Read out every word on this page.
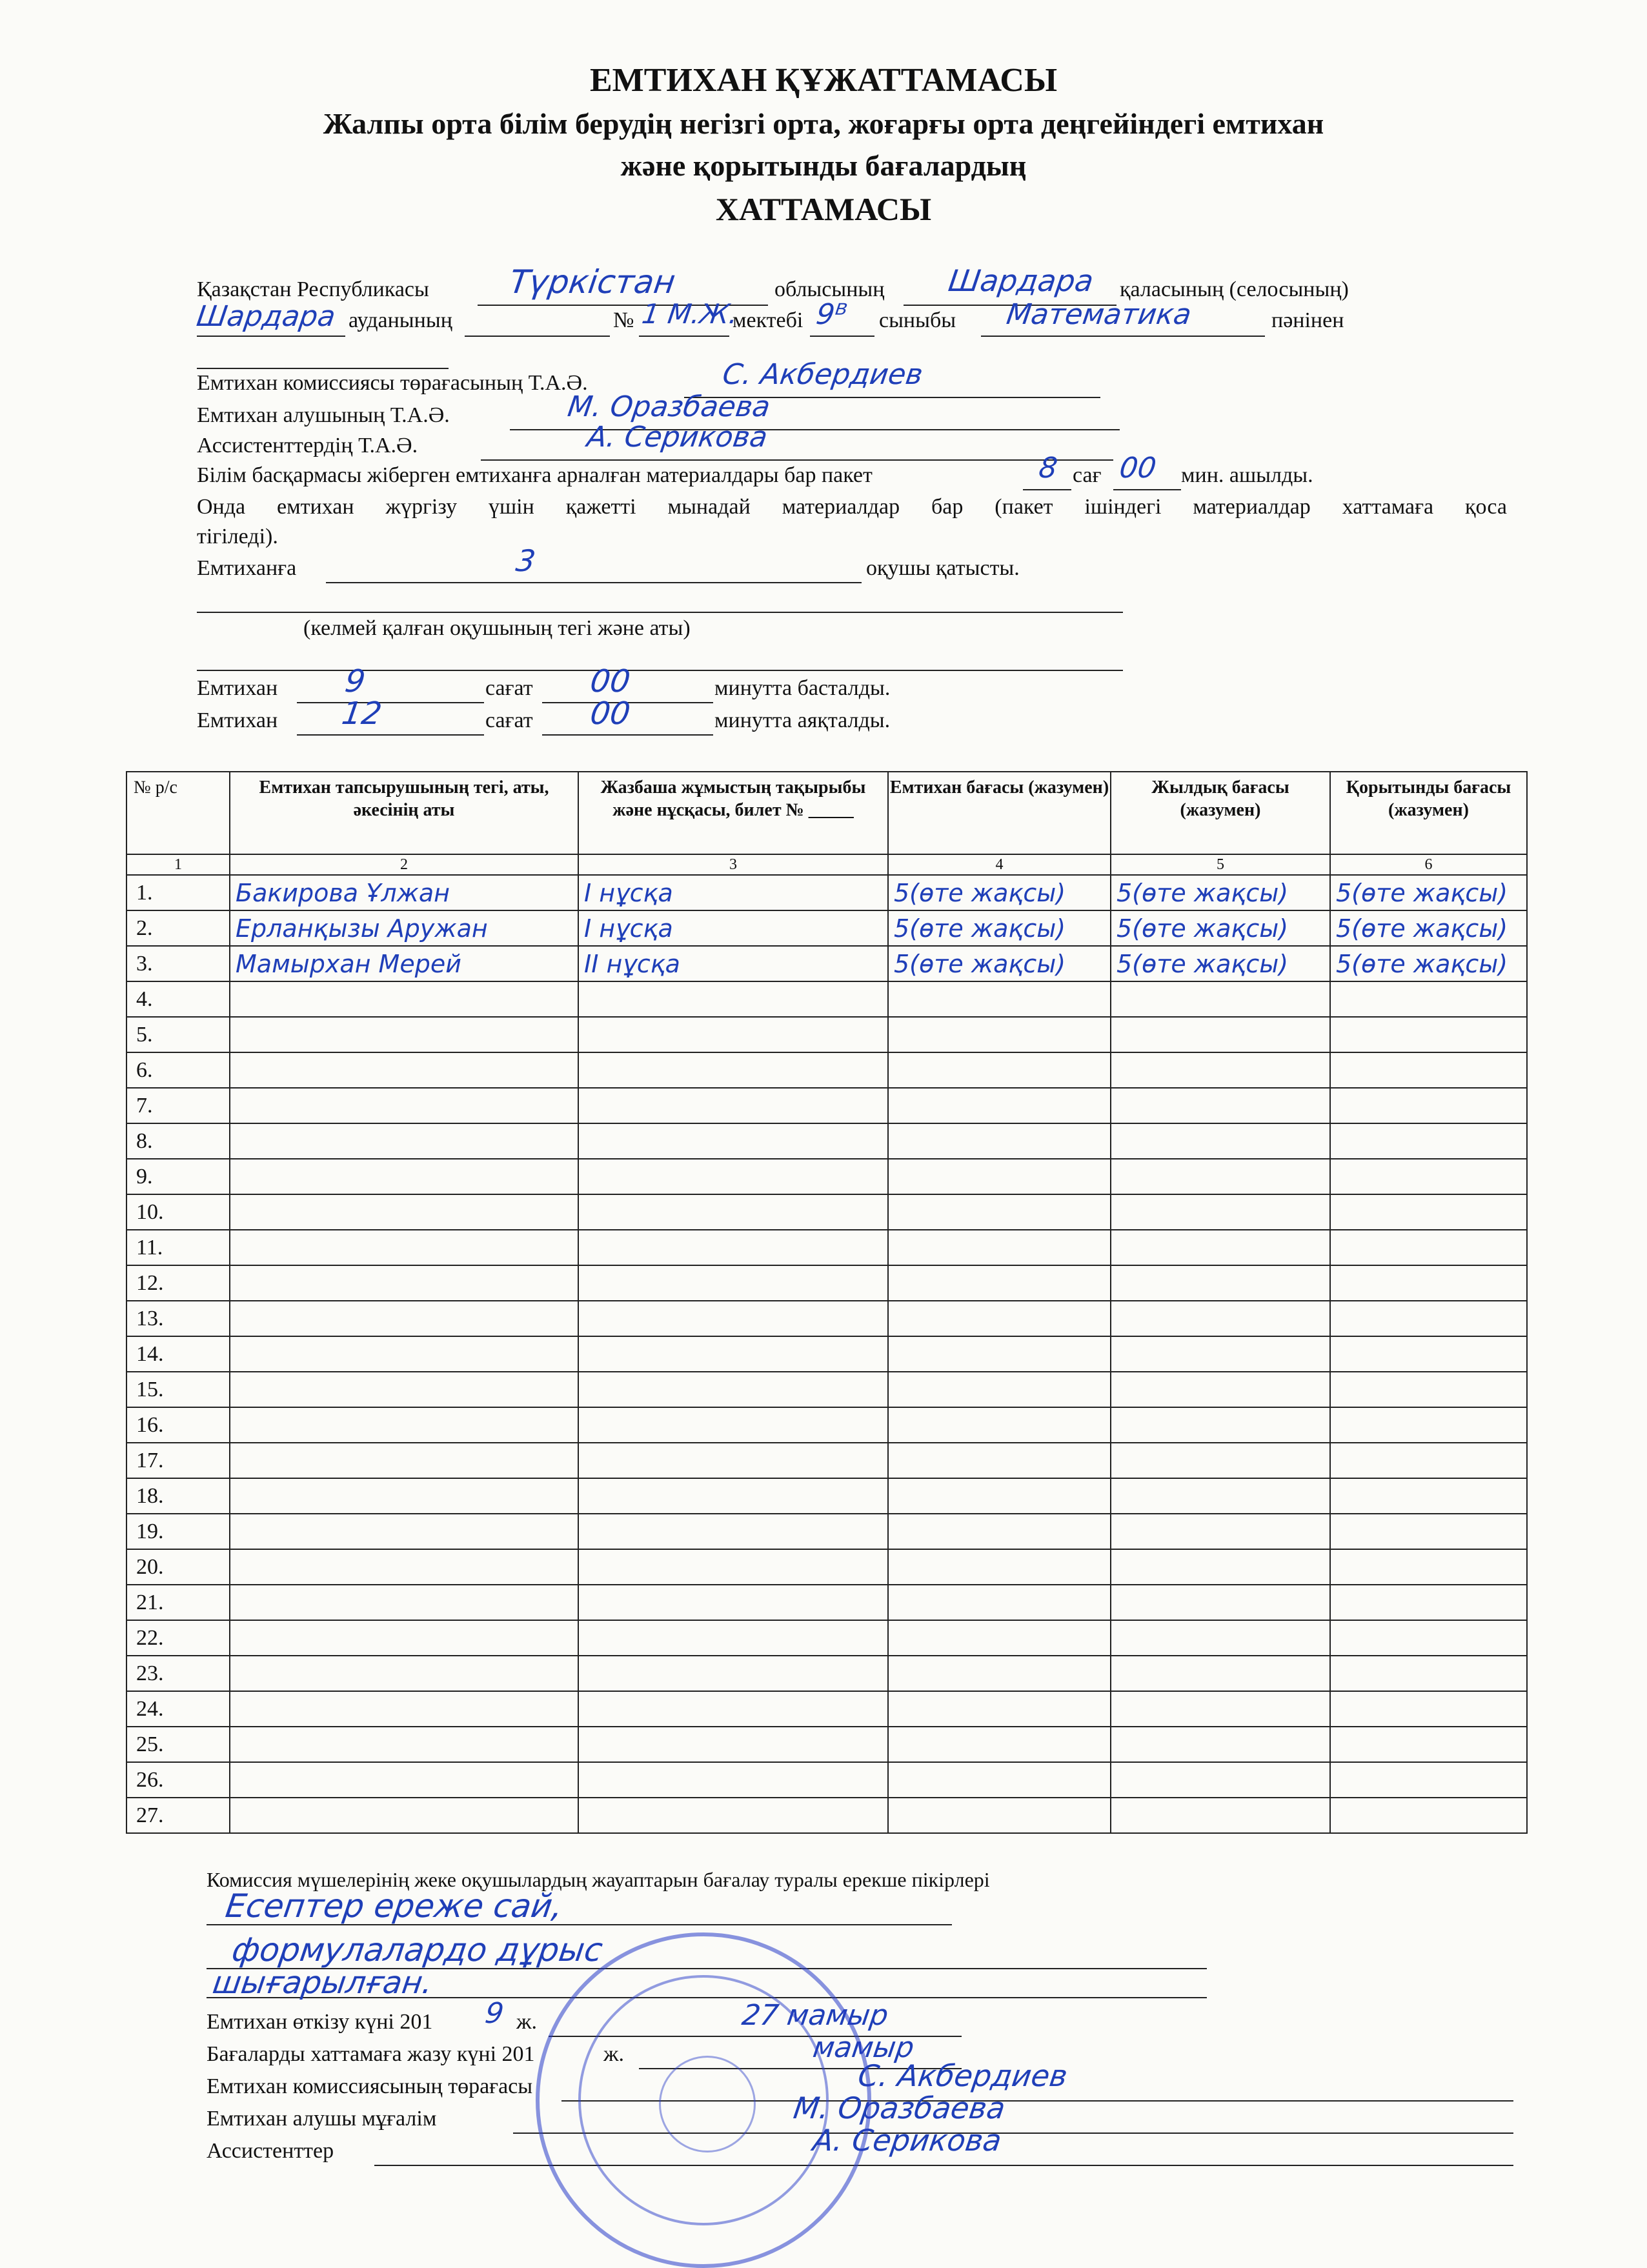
ЕМТИХАН ҚҰЖАТТАМАСЫ
Жалпы орта білім берудің негізгі орта, жоғарғы орта деңгейіндегі емтихан
және қорытынды бағалардың
ХАТТАМАСЫ
Қазақстан Республикасы Түркістан	облысының Шардара қаласының (селосының)
Шардара ауданының	№ 1 М.Ж.
мектебі 9ᴮ сыныбы Математика	пәнінен
Емтихан комиссиясы төрағасының Т.А.Ә.	С. Акбердиев
Емтихан алушының Т.А.Ә.	М. Оразбаева
Ассистенттердің Т.А.Ә.	А. Серикова
Білім басқармасы жіберген емтиханға арналған материалдары бар пакет	8 сағ 00 мин. ашылды.
Онда емтихан жүргізу үшін қажетті мынадай материалдар бар (пакет ішіндегі материалдар хаттамаға қоса
тігіледі).
Емтиханға	3	оқушы қатысты.
(келмей қалған оқушының тегі және аты)
Емтихан 9	сағат 00	минутта басталды.
Емтихан 12	сағат 00	минутта аяқталды.
№ р/с	Емтихан тапсырушының тегі, аты, әкесінің аты	Жазбаша жұмыстың тақырыбы және нұсқасы, билет № _____	Емтихан бағасы (жазумен)	Жылдық бағасы (жазумен)	Қорытынды бағасы (жазумен)
1	2	3	4	5	6
1.	Бакирова Ұлжан	I нұсқа	5(өте жақсы)	5(өте жақсы)	5(өте жақсы)
2.	Ерланқызы Аружан	I нұсқа	5(өте жақсы)	5(өте жақсы)	5(өте жақсы)
3.	Мамырхан Мерей	II нұсқа	5(өте жақсы)	5(өте жақсы)	5(өте жақсы)
4.					
5.					
6.					
7.					
8.					
9.					
10.					
11.					
12.					
13.					
14.					
15.					
16.					
17.					
18.					
19.					
20.					
21.					
22.					
23.					
24.					
25.					
26.					
27.					
Комиссия мүшелерінің жеке оқушылардың жауаптарын бағалау туралы ерекше пікірлері
Есептер ереже сай,
формулалардо дұрыс
шығарылған.
Емтихан өткізу күні 201 9 ж.	27 мамыр
Бағаларды хаттамаға жазу күні 201	ж.	мамыр
Емтихан комиссиясының төрағасы	С. Акбердиев
Емтихан алушы мұғалім	М. Оразбаева
Ассистенттер	А. Серикова
